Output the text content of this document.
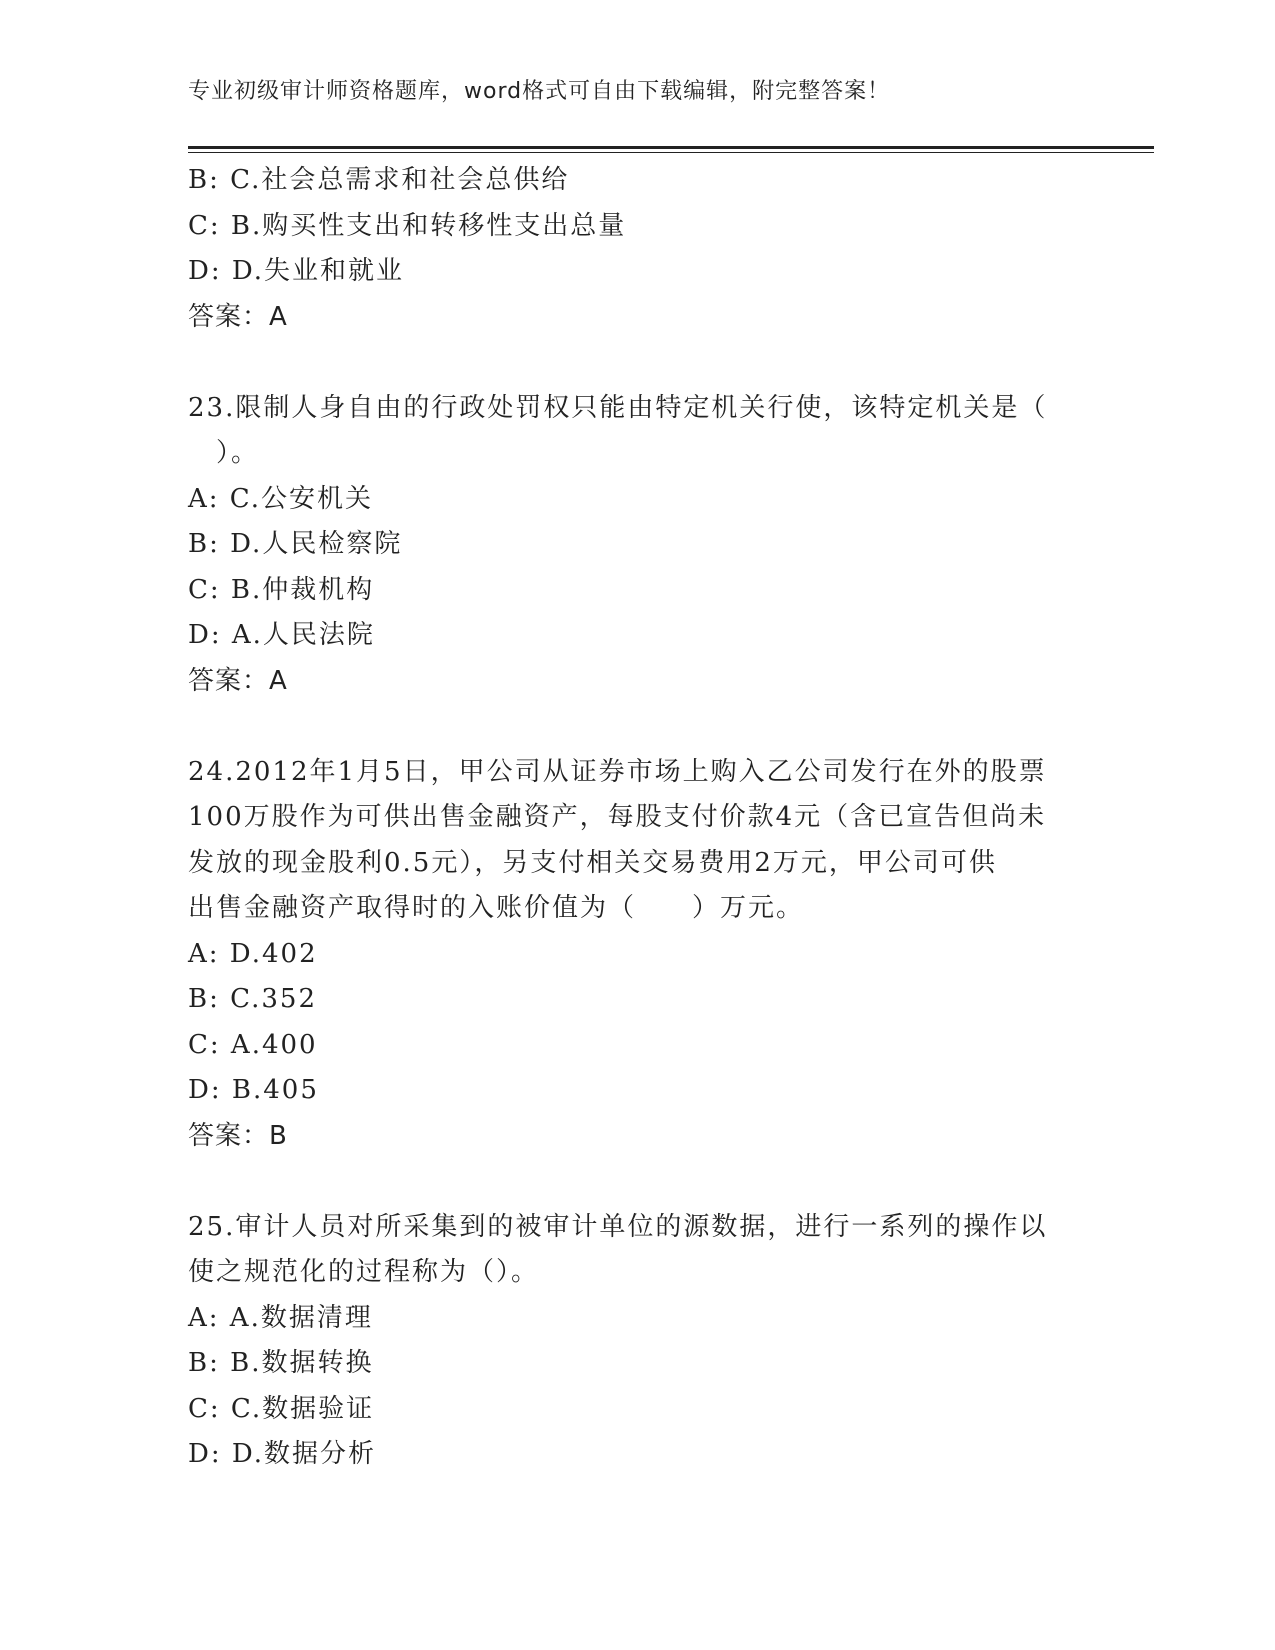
专业初级审计师资格题库，word格式可自由下载编辑，附完整答案！
B: C.社会总需求和社会总供给
C: B.购买性支出和转移性支出总量
D: D.失业和就业
答案：A
23.限制人身自由的行政处罚权只能由特定机关行使，该特定机关是（
　）。
A: C.公安机关
B: D.人民检察院
C: B.仲裁机构
D: A.人民法院
答案：A
24.2012年1月5日，甲公司从证券市场上购入乙公司发行在外的股票
100万股作为可供出售金融资产，每股支付价款4元（含已宣告但尚未
发放的现金股利0.5元），另支付相关交易费用2万元，甲公司可供
出售金融资产取得时的入账价值为（　　）万元。
A: D.402
B: C.352
C: A.400
D: B.405
答案：B
25.审计人员对所采集到的被审计单位的源数据，进行一系列的操作以
使之规范化的过程称为（）。
A: A.数据清理
B: B.数据转换
C: C.数据验证
D: D.数据分析
